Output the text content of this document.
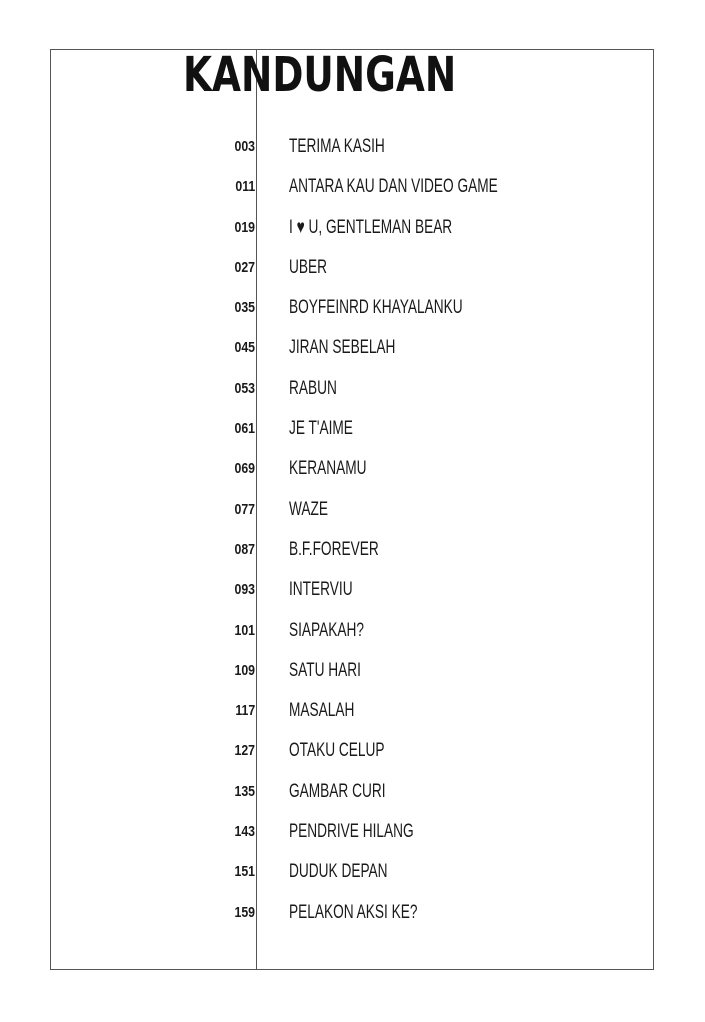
KANDUNGAN
003 TERIMA KASIH
011 ANTARA KAU DAN VIDEO GAME
019 I ♥ U, GENTLEMAN BEAR
027 UBER
035 BOYFEINRD KHAYALANKU
045 JIRAN SEBELAH
053 RABUN
061 JE T'AIME
069 KERANAMU
077 WAZE
087 B.F.FOREVER
093 INTERVIU
101 SIAPAKAH?
109 SATU HARI
117 MASALAH
127 OTAKU CELUP
135 GAMBAR CURI
143 PENDRIVE HILANG
151 DUDUK DEPAN
159 PELAKON AKSI KE?
